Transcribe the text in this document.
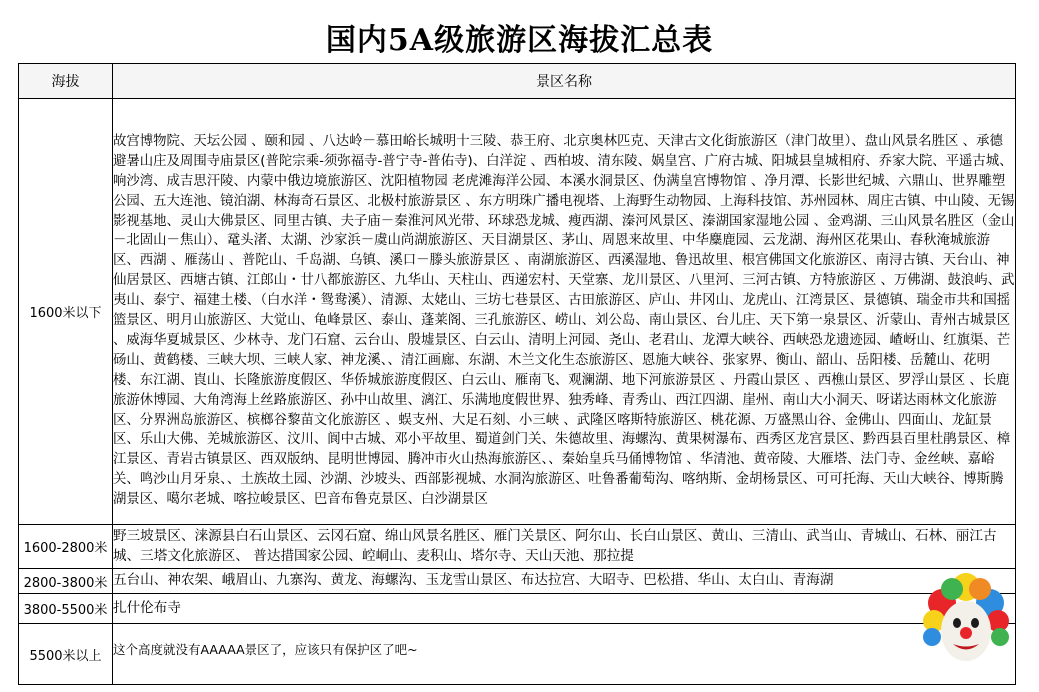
国内5A级旅游区海拔汇总表
海拔	景区名称
1600米以下	故宫博物院、天坛公园 、颐和园 、八达岭－慕田峪长城明十三陵、恭王府、北京奥林匹克、天津古文化街旅游区（津门故里）、盘山风景名胜区 、承德避暑山庄及周围寺庙景区(普陀宗乘-须弥福寺-普宁寺-普佑寺)、白洋淀 、西柏坡、清东陵、娲皇宫、广府古城、阳城县皇城相府、乔家大院、平遥古城、响沙湾、成吉思汗陵、内蒙中俄边境旅游区、沈阳植物园 老虎滩海洋公园、本溪水洞景区、伪满皇宫博物馆 、净月潭、长影世纪城、六鼎山、世界雕塑公园、五大连池、镜泊湖、林海奇石景区、北极村旅游景区 、东方明珠广播电视塔、上海野生动物园、上海科技馆、苏州园林、周庄古镇、中山陵、无锡影视基地、灵山大佛景区、同里古镇、夫子庙－秦淮河风光带、环球恐龙城、瘦西湖、溱河风景区、溱湖国家湿地公园 、金鸡湖、三山风景名胜区（金山－北固山－焦山）、鼋头渚、太湖、沙家浜－虞山尚湖旅游区、天目湖景区、茅山、周恩来故里、中华麋鹿园、云龙湖、海州区花果山、春秋淹城旅游区、西湖 、雁荡山 、普陀山、千岛湖、乌镇、溪口－滕头旅游景区 、南湖旅游区、西溪湿地、鲁迅故里、根宫佛国文化旅游区、南浔古镇、天台山、神仙居景区、西塘古镇、江郎山・廿八都旅游区、九华山、天柱山、西递宏村、天堂寨、龙川景区、八里河、三河古镇、方特旅游区 、万佛湖、鼓浪屿、武夷山、泰宁、福建土楼、（白水洋・鸳鸯溪）、清源、太姥山、三坊七巷景区、古田旅游区、庐山、井冈山、龙虎山、江湾景区、景德镇、瑞金市共和国摇篮景区、明月山旅游区、大觉山、龟峰景区、泰山、蓬莱阁、三孔旅游区、崂山、刘公岛、南山景区、台儿庄、天下第一泉景区、沂蒙山、青州古城景区 、威海华夏城景区、少林寺、龙门石窟、云台山、殷墟景区、白云山、清明上河园、尧山、老君山、龙潭大峡谷、西峡恐龙遗迹园、嵖岈山、红旗渠、芒砀山、黄鹤楼、三峡大坝、三峡人家、神龙溪、、清江画廊、东湖、木兰文化生态旅游区、恩施大峡谷、张家界、衡山、韶山、岳阳楼、岳麓山、花明楼、东江湖、崀山、长隆旅游度假区、华侨城旅游度假区、白云山、雁南飞、观澜湖、地下河旅游景区 、丹霞山景区 、西樵山景区、罗浮山景区 、长鹿旅游休博园、大角湾海上丝路旅游区、孙中山故里、漓江、乐满地度假世界、独秀峰、青秀山、西江四湖、崖州、南山大小洞天、呀诺达雨林文化旅游区、分界洲岛旅游区、槟榔谷黎苗文化旅游区 、蜈支州、大足石刻、小三峡 、武隆区喀斯特旅游区、桃花源、万盛黑山谷、金佛山、四面山、龙缸景区、乐山大佛、羌城旅游区、汶川、阆中古城、邓小平故里、蜀道剑门关、朱德故里、海螺沟、黄果树瀑布、西秀区龙宫景区、黔西县百里杜鹃景区、樟江景区、青岩古镇景区、西双版纳、昆明世博园、腾冲市火山热海旅游区、、秦始皇兵马俑博物馆 、华清池、黄帝陵、大雁塔、法门寺、金丝峡、嘉峪关、鸣沙山月牙泉、、土族故土园、沙湖、沙坡头、西部影视城、水洞沟旅游区、吐鲁番葡萄沟、喀纳斯、金胡杨景区、可可托海、天山大峡谷、博斯腾湖景区、噶尔老城、喀拉峻景区、巴音布鲁克景区、白沙湖景区
1600-2800米	野三坡景区、涞源县白石山景区、云冈石窟、绵山风景名胜区、雁门关景区、阿尔山、长白山景区、黄山、三清山、武当山、青城山、石林、丽江古城、三塔文化旅游区、 普达措国家公园、崆峒山、麦积山、塔尔寺、天山天池、那拉提
2800-3800米	五台山、神农架、峨眉山、九寨沟、黄龙、海螺沟、玉龙雪山景区、布达拉宫、大昭寺、巴松措、华山、太白山、青海湖
3800-5500米	扎什伦布寺
5500米以上	这个高度就没有AAAAA景区了，应该只有保护区了吧~
